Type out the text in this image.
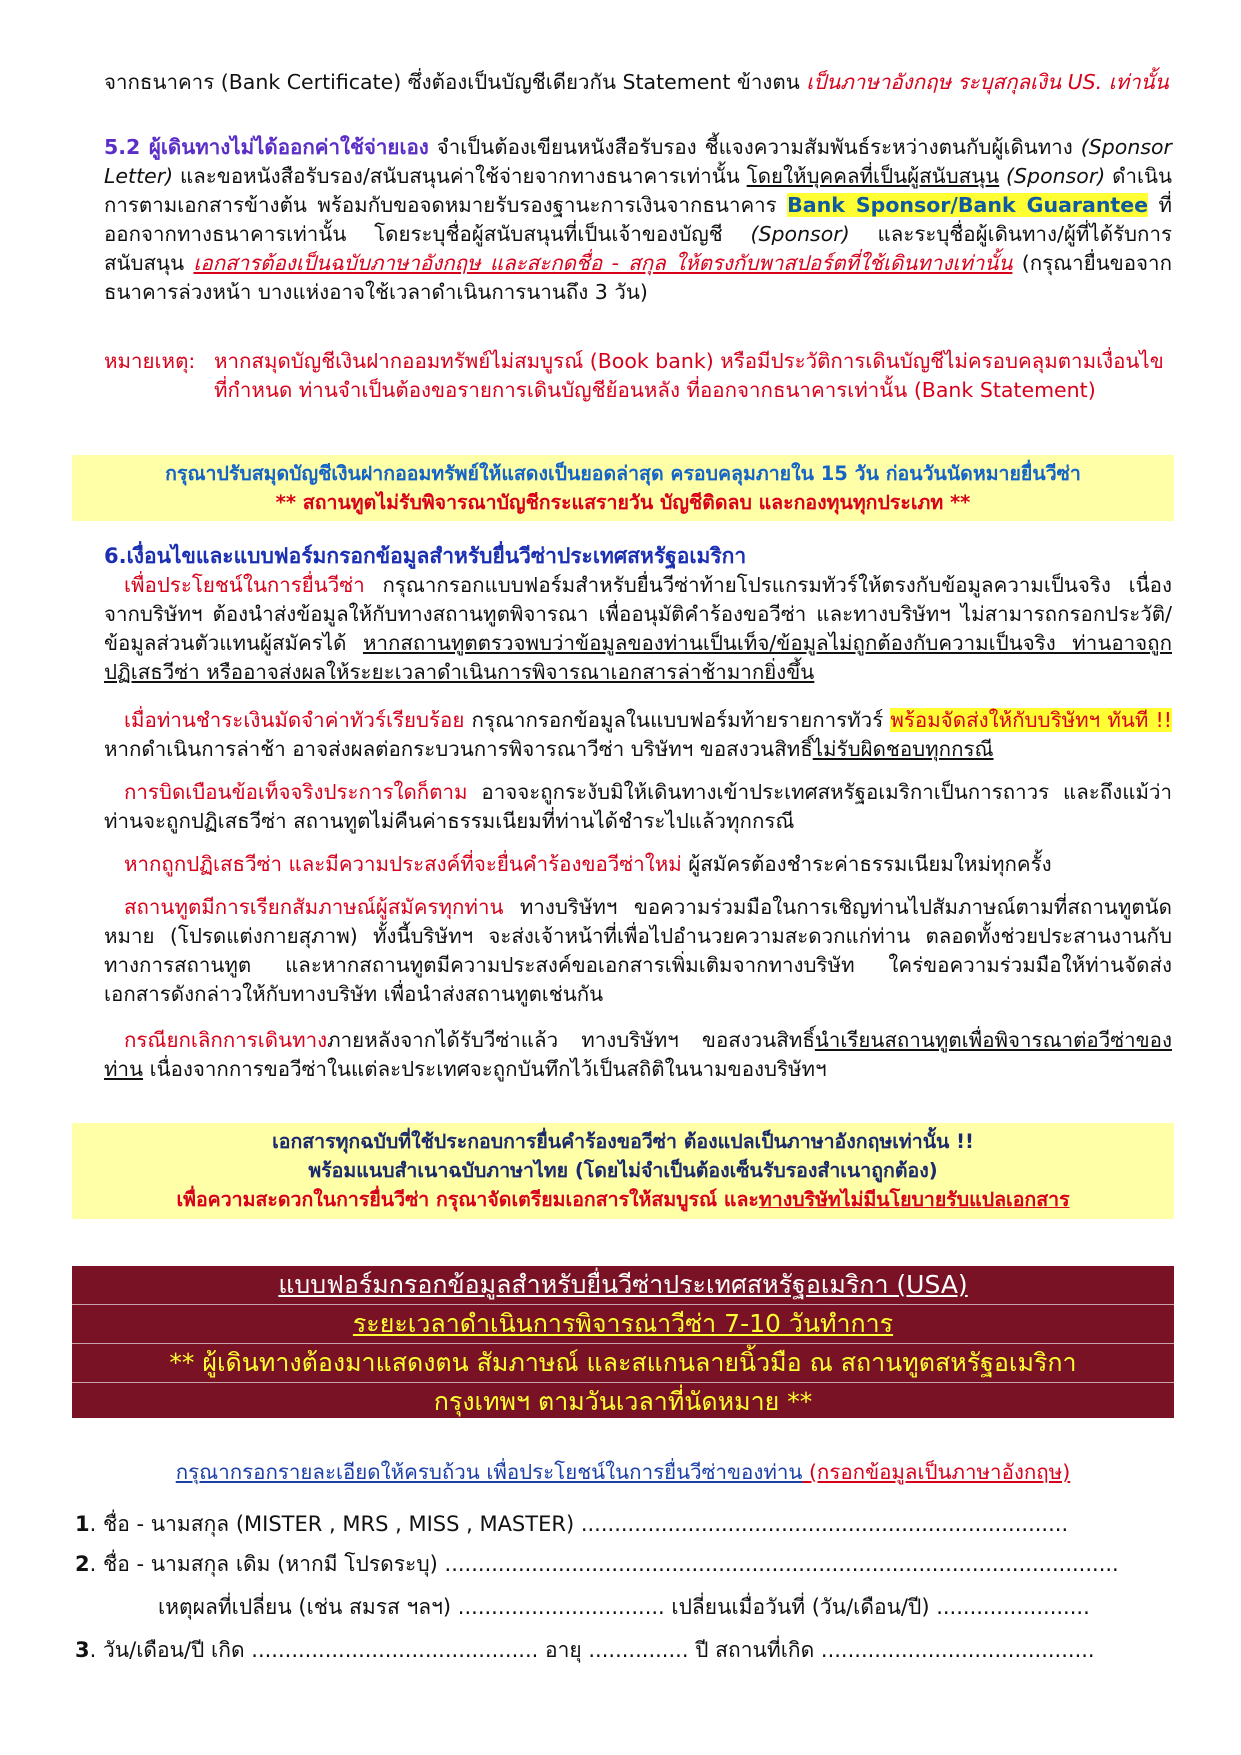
จากธนาคาร (Bank Certificate) ซึ่งต้องเป็นบัญชีเดียวกัน Statement ข้างตน เป็นภาษาอังกฤษ ระบุสกุลเงิน US. เท่านั้น

5.2 ผู้เดินทางไม่ได้ออกค่าใช้จ่ายเอง จำเป็นต้องเขียนหนังสือรับรอง ชี้แจงความสัมพันธ์ระหว่างตนกับผู้เดินทาง (Sponsor Letter) และขอหนังสือรับรอง/สนับสนุนค่าใช้จ่ายจากทางธนาคารเท่านั้น โดยให้บุคคลที่เป็นผู้สนับสนุน (Sponsor) ดำเนินการตามเอกสารข้างต้น พร้อมกับขอจดหมายรับรองฐานะการเงินจากธนาคาร Bank Sponsor/Bank Guarantee ที่ออกจากทางธนาคารเท่านั้น โดยระบุชื่อผู้สนับสนุนที่เป็นเจ้าของบัญชี (Sponsor) และระบุชื่อผู้เดินทาง/ผู้ที่ได้รับการสนับสนุน เอกสารต้องเป็นฉบับภาษาอังกฤษ และสะกดชื่อ - สกุล ให้ตรงกับพาสปอร์ตที่ใช้เดินทางเท่านั้น (กรุณายื่นขอจากธนาคารล่วงหน้า บางแห่งอาจใช้เวลาดำเนินการนานถึง 3 วัน)

หมายเหตุ: หากสมุดบัญชีเงินฝากออมทรัพย์ไม่สมบูรณ์ (Book bank) หรือมีประวัติการเดินบัญชีไม่ครอบคลุมตามเงื่อนไขที่กำหนด ท่านจำเป็นต้องขอรายการเดินบัญชีย้อนหลัง ที่ออกจากธนาคารเท่านั้น (Bank Statement)
กรุณาปรับสมุดบัญชีเงินฝากออมทรัพย์ให้แสดงเป็นยอดล่าสุด ครอบคลุมภายใน 15 วัน ก่อนวันนัดหมายยื่นวีซ่า
** สถานทูตไม่รับพิจารณาบัญชีกระแสรายวัน บัญชีติดลบ และกองทุนทุกประเภท **
6.เงื่อนไขและแบบฟอร์มกรอกข้อมูลสำหรับยื่นวีซ่าประเทศสหรัฐอเมริกา

เพื่อประโยชน์ในการยื่นวีซ่า กรุณากรอกแบบฟอร์มสำหรับยื่นวีซ่าท้ายโปรแกรมทัวร์ให้ตรงกับข้อมูลความเป็นจริง เนื่องจากบริษัทฯ ต้องนำส่งข้อมูลให้กับทางสถานทูตพิจารณา เพื่ออนุมัติคำร้องขอวีซ่า และทางบริษัทฯ ไม่สามารถกรอกประวัติ/ข้อมูลส่วนตัวแทนผู้สมัครได้ หากสถานทูตตรวจพบว่าข้อมูลของท่านเป็นเท็จ/ข้อมูลไม่ถูกต้องกับความเป็นจริง ท่านอาจถูกปฏิเสธวีซ่า หรืออาจส่งผลให้ระยะเวลาดำเนินการพิจารณาเอกสารล่าช้ามากยิ่งขึ้น

เมื่อท่านชำระเงินมัดจำค่าทัวร์เรียบร้อย กรุณากรอกข้อมูลในแบบฟอร์มท้ายรายการทัวร์ พร้อมจัดส่งให้กับบริษัทฯ ทันที !! หากดำเนินการล่าช้า อาจส่งผลต่อกระบวนการพิจารณาวีซ่า บริษัทฯ ขอสงวนสิทธิ์ไม่รับผิดชอบทุกกรณี

การบิดเบือนข้อเท็จจริงประการใดก็ตาม อาจจะถูกระงับมิให้เดินทางเข้าประเทศสหรัฐอเมริกาเป็นการถาวร และถึงแม้ว่าท่านจะถูกปฏิเสธวีซ่า สถานทูตไม่คืนค่าธรรมเนียมที่ท่านได้ชำระไปแล้วทุกกรณี

หากถูกปฏิเสธวีซ่า และมีความประสงค์ที่จะยื่นคำร้องขอวีซ่าใหม่ ผู้สมัครต้องชำระค่าธรรมเนียมใหม่ทุกครั้ง

สถานทูตมีการเรียกสัมภาษณ์ผู้สมัครทุกท่าน ทางบริษัทฯ ขอความร่วมมือในการเชิญท่านไปสัมภาษณ์ตามที่สถานทูตนัดหมาย (โปรดแต่งกายสุภาพ) ทั้งนี้บริษัทฯ จะส่งเจ้าหน้าที่เพื่อไปอำนวยความสะดวกแก่ท่าน ตลอดทั้งช่วยประสานงานกับทางการสถานทูต และหากสถานทูตมีความประสงค์ขอเอกสารเพิ่มเติมจากทางบริษัท ใคร่ขอความร่วมมือให้ท่านจัดส่งเอกสารดังกล่าวให้กับทางบริษัท เพื่อนำส่งสถานทูตเช่นกัน

กรณียกเลิกการเดินทางภายหลังจากได้รับวีซ่าแล้ว ทางบริษัทฯ ขอสงวนสิทธิ์นำเรียนสถานทูตเพื่อพิจารณาต่อวีซ่าของท่าน เนื่องจากการขอวีซ่าในแต่ละประเทศจะถูกบันทึกไว้เป็นสถิติในนามของบริษัทฯ

เอกสารทุกฉบับที่ใช้ประกอบการยื่นคำร้องขอวีซ่า ต้องแปลเป็นภาษาอังกฤษเท่านั้น !!
พร้อมแนบสำเนาฉบับภาษาไทย (โดยไม่จำเป็นต้องเซ็นรับรองสำเนาถูกต้อง)
เพื่อความสะดวกในการยื่นวีซ่า กรุณาจัดเตรียมเอกสารให้สมบูรณ์ และทางบริษัทไม่มีนโยบายรับแปลเอกสาร
แบบฟอร์มกรอกข้อมูลสำหรับยื่นวีซ่าประเทศสหรัฐอเมริกา (USA)
ระยะเวลาดำเนินการพิจารณาวีซ่า 7-10 วันทำการ
** ผู้เดินทางต้องมาแสดงตน สัมภาษณ์ และสแกนลายนิ้วมือ ณ สถานทูตสหรัฐอเมริกา
กรุงเทพฯ ตามวันเวลาที่นัดหมาย **
กรุณากรอกรายละเอียดให้ครบถ้วน เพื่อประโยชน์ในการยื่นวีซ่าของท่าน (กรอกข้อมูลเป็นภาษาอังกฤษ)
1. ชื่อ - นามสกุล (MISTER , MRS , MISS , MASTER) .........................................................................
2. ชื่อ - นามสกุล เดิม (หากมี โปรดระบุ) .....................................................................................................
เหตุผลที่เปลี่ยน (เช่น สมรส ฯลฯ) ............................... เปลี่ยนเมื่อวันที่ (วัน/เดือน/ปี) .......................
3. วัน/เดือน/ปี เกิด ........................................... อายุ ............... ปี สถานที่เกิด .........................................
